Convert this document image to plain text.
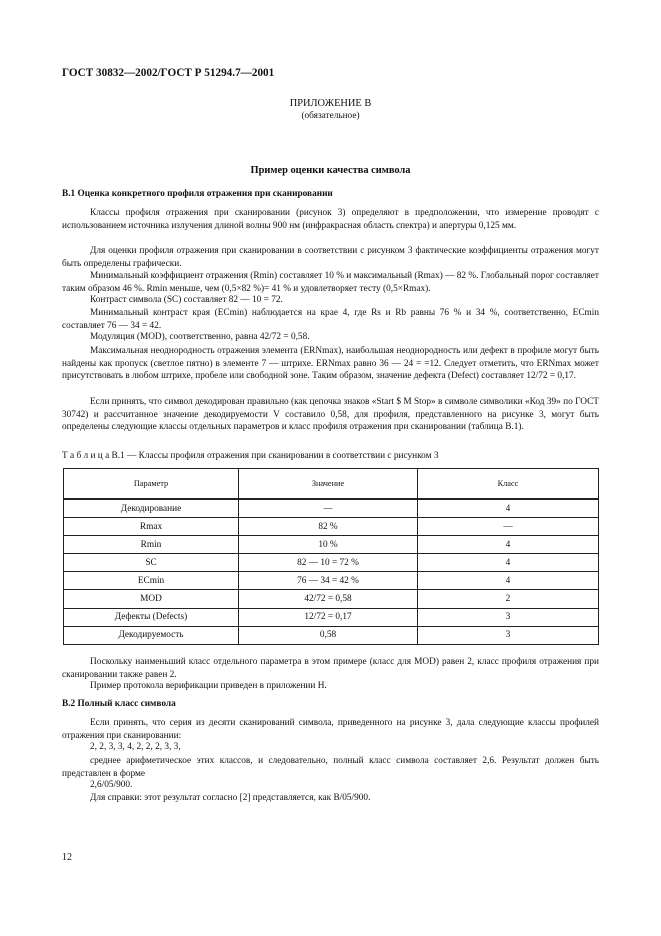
ГОСТ 30832—2002/ГОСТ Р 51294.7—2001
ПРИЛОЖЕНИЕ В
(обязательное)
Пример оценки качества символа
В.1 Оценка конкретного профиля отражения при сканировании
Классы профиля отражения при сканировании (рисунок 3) определяют в предположении, что измерение проводят с использованием источника излучения длиной волны 900 нм (инфракрасная область спектра) и апертуры 0,125 мм.
Для оценки профиля отражения при сканировании в соответствии с рисунком 3 фактические коэффициенты отражения могут быть определены графически.
Минимальный коэффициент отражения (Rmin) составляет 10 % и максимальный (Rmax) — 82 %. Глобальный порог составляет таким образом 46 %. Rmin меньше, чем (0,5×82 %)= 41 % и удовлетворяет тесту (0,5×Rmax).
Контраст символа (SC) составляет 82 — 10 = 72.
Минимальный контраст края (ECmin) наблюдается на крае 4, где Rs и Rb равны 76 % и 34 %, соответственно, ECmin составляет 76 — 34 = 42.
Модуляция (MOD), соответственно, равна 42/72 = 0,58.
Максимальная неоднородность отражения элемента (ERNmax), наибольшая неоднородность или дефект в профиле могут быть найдены как пропуск (светлое пятно) в элементе 7 — штрихе. ERNmax равно 36 — 24 = =12. Следует отметить, что ERNmax может присутствовать в любом штрихе, пробеле или свободной зоне. Таким образом, значение дефекта (Defect) составляет 12/72 = 0,17.
Если принять, что символ декодирован правильно (как цепочка знаков «Start $ M Stop» в символе символики «Код 39» по ГОСТ 30742) и рассчитанное значение декодируемости V составило 0,58, для профиля, представленного на рисунке 3, могут быть определены следующие классы отдельных параметров и класс профиля отражения при сканировании (таблица В.1).
Т а б л и ц а В.1 — Классы профиля отражения при сканировании в соответствии с рисунком 3
Параметр	Значение	Класс
Декодирование	—	4
Rmax	82 %	—
Rmin	10 %	4
SC	82 — 10 = 72 %	4
ECmin	76 — 34 = 42 %	4
MOD	42/72 = 0,58	2
Дефекты (Defects)	12/72 = 0,17	3
Декодируемость	0,58	3
Поскольку наименьший класс отдельного параметра в этом примере (класс для MOD) равен 2, класс профиля отражения при сканировании также равен 2.
Пример протокола верификации приведен в приложении Н.
В.2 Полный класс символа
Если принять, что серия из десяти сканирований символа, приведенного на рисунке 3, дала следующие классы профилей отражения при сканировании:
2, 2, 3, 3, 4, 2, 2, 2, 3, 3,
среднее арифметическое этих классов, и следовательно, полный класс символа составляет 2,6. Результат должен быть представлен в форме
2,6/05/900.
Для справки: этот результат согласно [2] представляется, как В/05/900.
12
